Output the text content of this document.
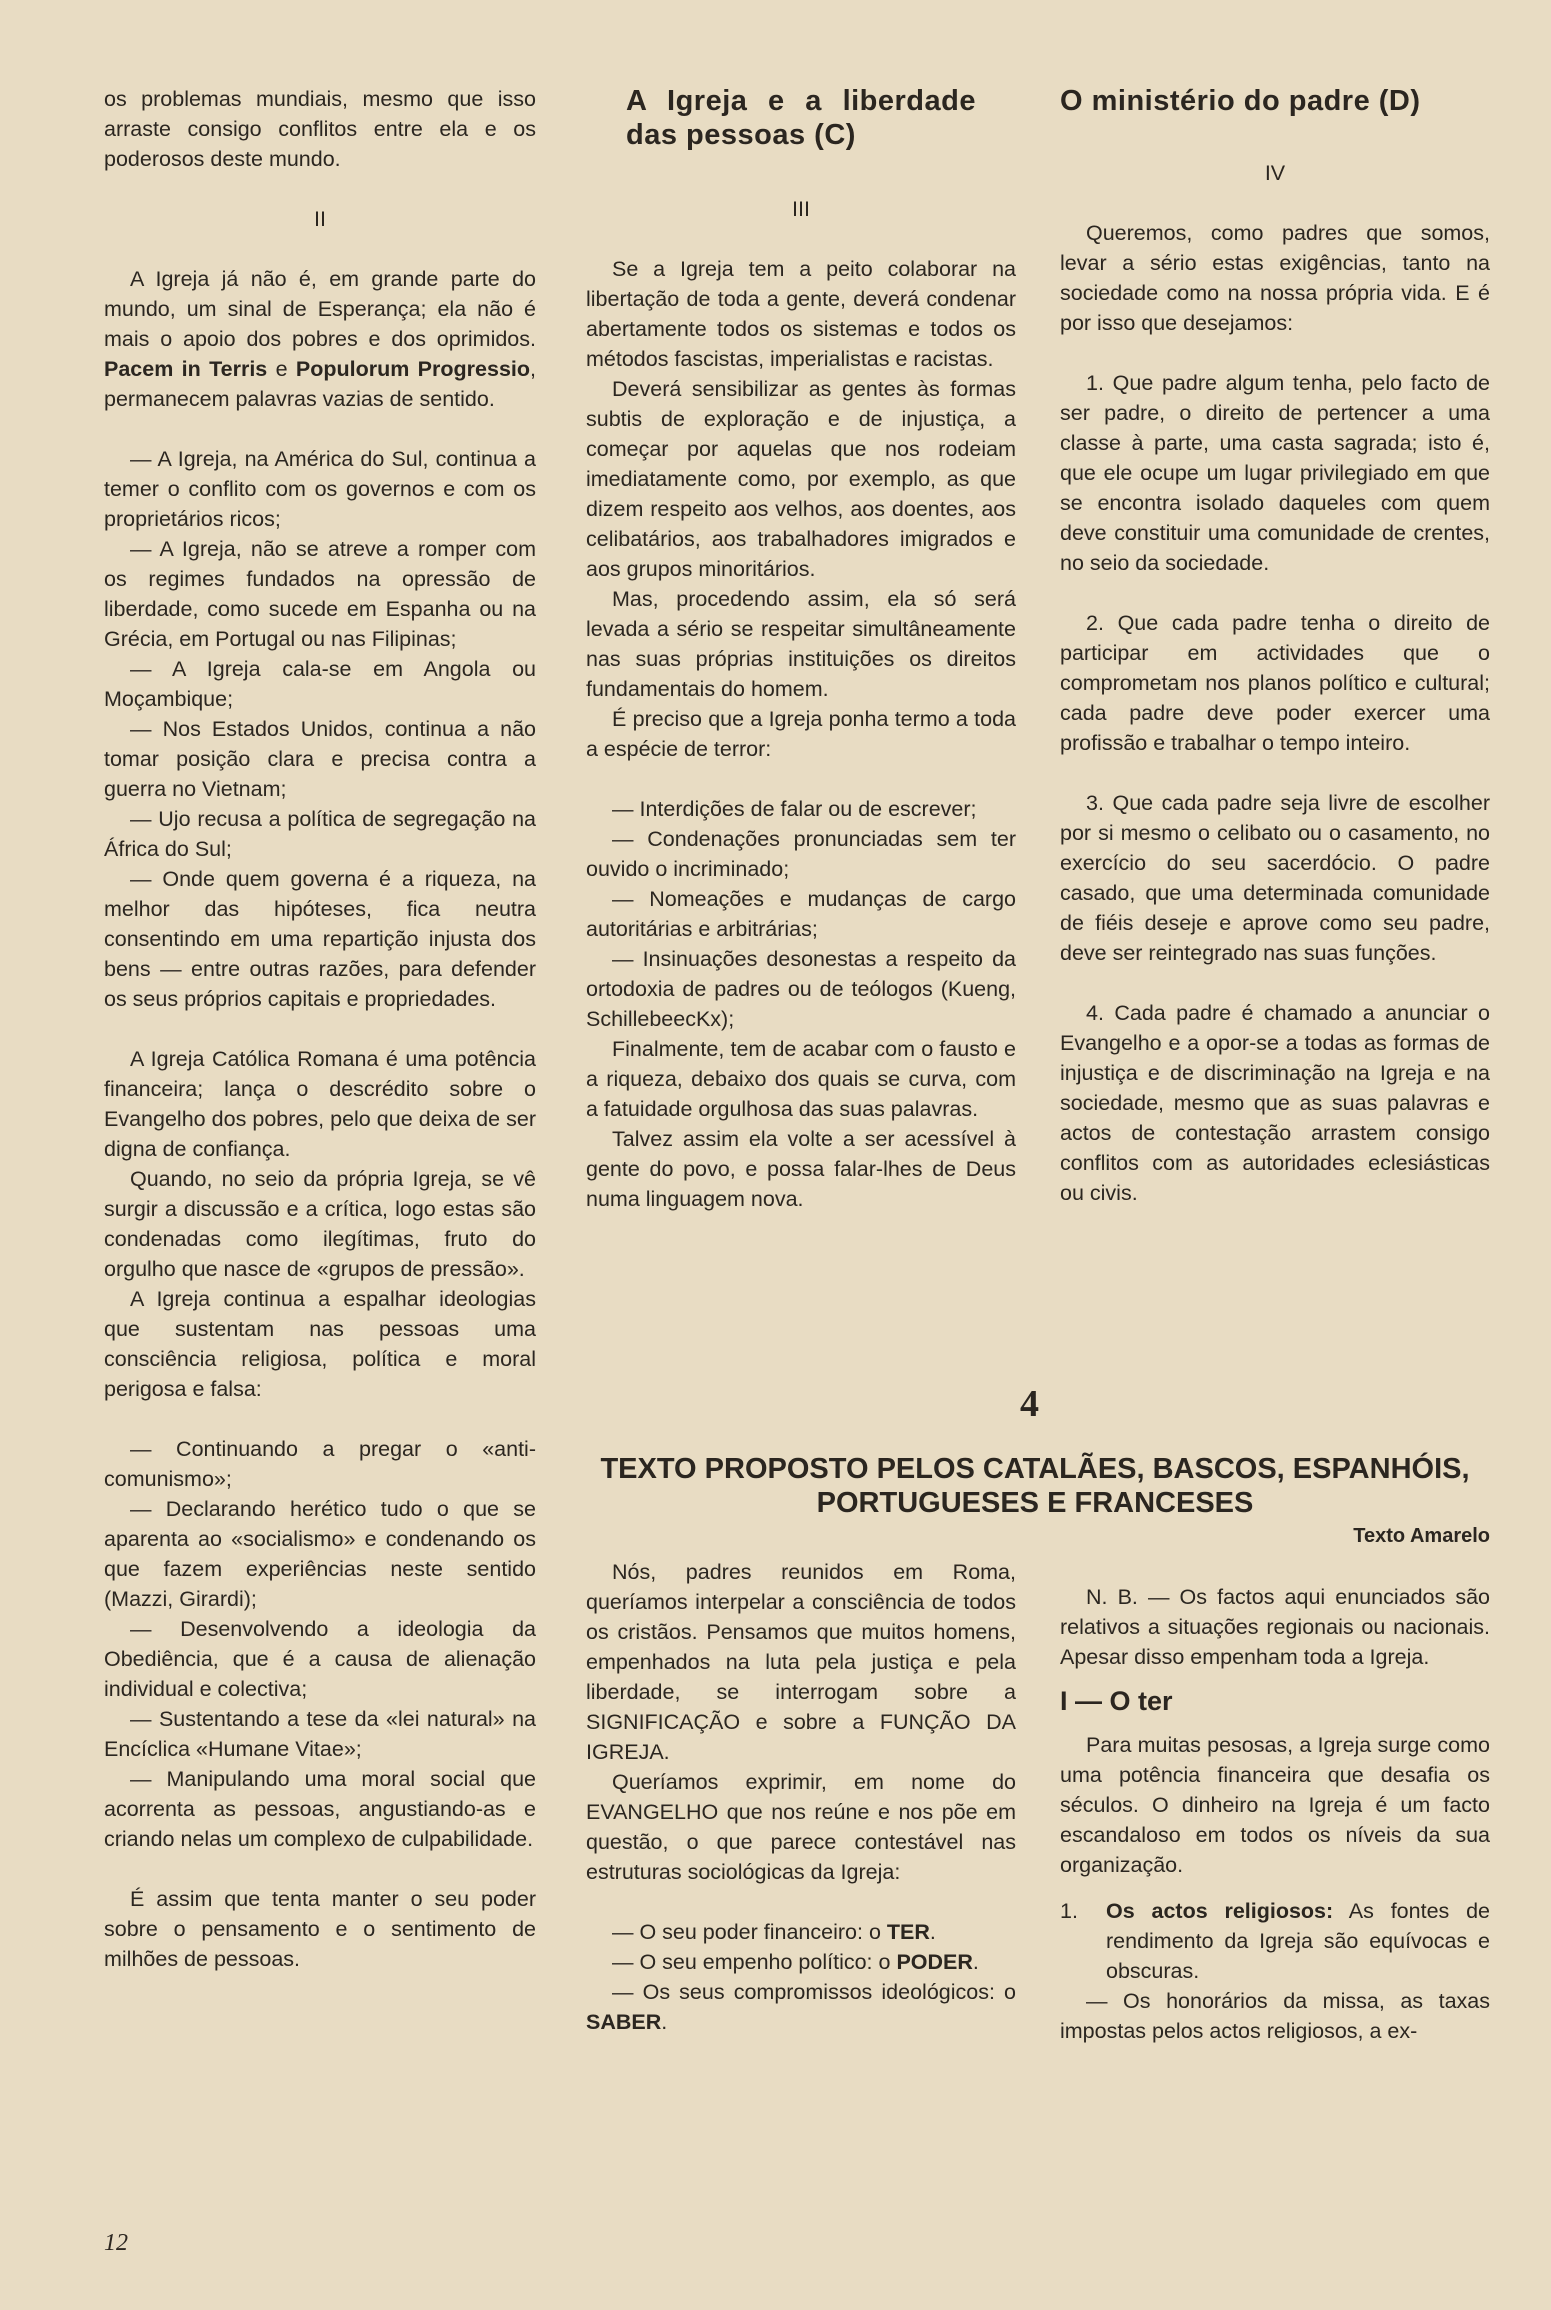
os problemas mundiais, mesmo que isso arraste consigo conflitos entre ela e os poderosos deste mundo.

II

A Igreja já não é, em grande parte do mundo, um sinal de Esperança; ela não é mais o apoio dos pobres e dos oprimidos. Pacem in Terris e Populorum Progressio, permanecem palavras vazias de sentido.

— A Igreja, na América do Sul, continua a temer o conflito com os governos e com os proprietários ricos;

— A Igreja, não se atreve a romper com os regimes fundados na opressão de liberdade, como sucede em Espanha ou na Grécia, em Portugal ou nas Filipinas;

— A Igreja cala-se em Angola ou Moçambique;

— Nos Estados Unidos, continua a não tomar posição clara e precisa contra a guerra no Vietnam;

— Ujo recusa a política de segregação na África do Sul;

— Onde quem governa é a riqueza, na melhor das hipóteses, fica neutra consentindo em uma repartição injusta dos bens — entre outras razões, para defender os seus próprios capitais e propriedades.

A Igreja Católica Romana é uma potência financeira; lança o descrédito sobre o Evangelho dos pobres, pelo que deixa de ser digna de confiança.

Quando, no seio da própria Igreja, se vê surgir a discussão e a crítica, logo estas são condenadas como ilegítimas, fruto do orgulho que nasce de «grupos de pressão».

A Igreja continua a espalhar ideologias que sustentam nas pessoas uma consciência religiosa, política e moral perigosa e falsa:

— Continuando a pregar o «anti-comunismo»;

— Declarando herético tudo o que se aparenta ao «socialismo» e condenando os que fazem experiências neste sentido (Mazzi, Girardi);

— Desenvolvendo a ideologia da Obediência, que é a causa de alienação individual e colectiva;

— Sustentando a tese da «lei natural» na Encíclica «Humane Vitae»;

— Manipulando uma moral social que acorrenta as pessoas, angustiando-as e criando nelas um complexo de culpabilidade.

É assim que tenta manter o seu poder sobre o pensamento e o sentimento de milhões de pessoas.

A Igreja e a liberdade das pessoas (C)

III

Se a Igreja tem a peito colaborar na libertação de toda a gente, deverá condenar abertamente todos os sistemas e todos os métodos fascistas, imperialistas e racistas.

Deverá sensibilizar as gentes às formas subtis de exploração e de injustiça, a começar por aquelas que nos rodeiam imediatamente como, por exemplo, as que dizem respeito aos velhos, aos doentes, aos celibatários, aos trabalhadores imigrados e aos grupos minoritários.

Mas, procedendo assim, ela só será levada a sério se respeitar simultâneamente nas suas próprias instituições os direitos fundamentais do homem.

É preciso que a Igreja ponha termo a toda a espécie de terror:

— Interdições de falar ou de escrever;

— Condenações pronunciadas sem ter ouvido o incriminado;

— Nomeações e mudanças de cargo autoritárias e arbitrárias;

— Insinuações desonestas a respeito da ortodoxia de padres ou de teólogos (Kueng, SchillebeecKx);

Finalmente, tem de acabar com o fausto e a riqueza, debaixo dos quais se curva, com a fatuidade orgulhosa das suas palavras.

Talvez assim ela volte a ser acessível à gente do povo, e possa falar-lhes de Deus numa linguagem nova.

O ministério do padre (D)

IV

Queremos, como padres que somos, levar a sério estas exigências, tanto na sociedade como na nossa própria vida. E é por isso que desejamos:

1. Que padre algum tenha, pelo facto de ser padre, o direito de pertencer a uma classe à parte, uma casta sagrada; isto é, que ele ocupe um lugar privilegiado em que se encontra isolado daqueles com quem deve constituir uma comunidade de crentes, no seio da sociedade.

2. Que cada padre tenha o direito de participar em actividades que o comprometam nos planos político e cultural; cada padre deve poder exercer uma profissão e trabalhar o tempo inteiro.

3. Que cada padre seja livre de escolher por si mesmo o celibato ou o casamento, no exercício do seu sacerdócio. O padre casado, que uma determinada comunidade de fiéis deseje e aprove como seu padre, deve ser reintegrado nas suas funções.

4. Cada padre é chamado a anunciar o Evangelho e a opor-se a todas as formas de injustiça e de discriminação na Igreja e na sociedade, mesmo que as suas palavras e actos de contestação arrastem consigo conflitos com as autoridades eclesiásticas ou civis.

4
TEXTO PROPOSTO PELOS CATALÃES, BASCOS, ESPANHÓIS,
PORTUGUESES E FRANCESES
Texto Amarelo

Nós, padres reunidos em Roma, queríamos interpelar a consciência de todos os cristãos. Pensamos que muitos homens, empenhados na luta pela justiça e pela liberdade, se interrogam sobre a SIGNIFICAÇÃO e sobre a FUNÇÃO DA IGREJA.

Queríamos exprimir, em nome do EVANGELHO que nos reúne e nos põe em questão, o que parece contestável nas estruturas sociológicas da Igreja:

— O seu poder financeiro: o TER.

— O seu empenho político: o PODER.

— Os seus compromissos ideológicos: o SABER.

N. B. — Os factos aqui enunciados são relativos a situações regionais ou nacionais. Apesar disso empenham toda a Igreja.

I — O ter

Para muitas pesosas, a Igreja surge como uma potência financeira que desafia os séculos. O dinheiro na Igreja é um facto escandaloso em todos os níveis da sua organização.

1. Os actos religiosos: As fontes de rendimento da Igreja são equívocas e obscuras.

— Os honorários da missa, as taxas impostas pelos actos religiosos, a ex-

12
